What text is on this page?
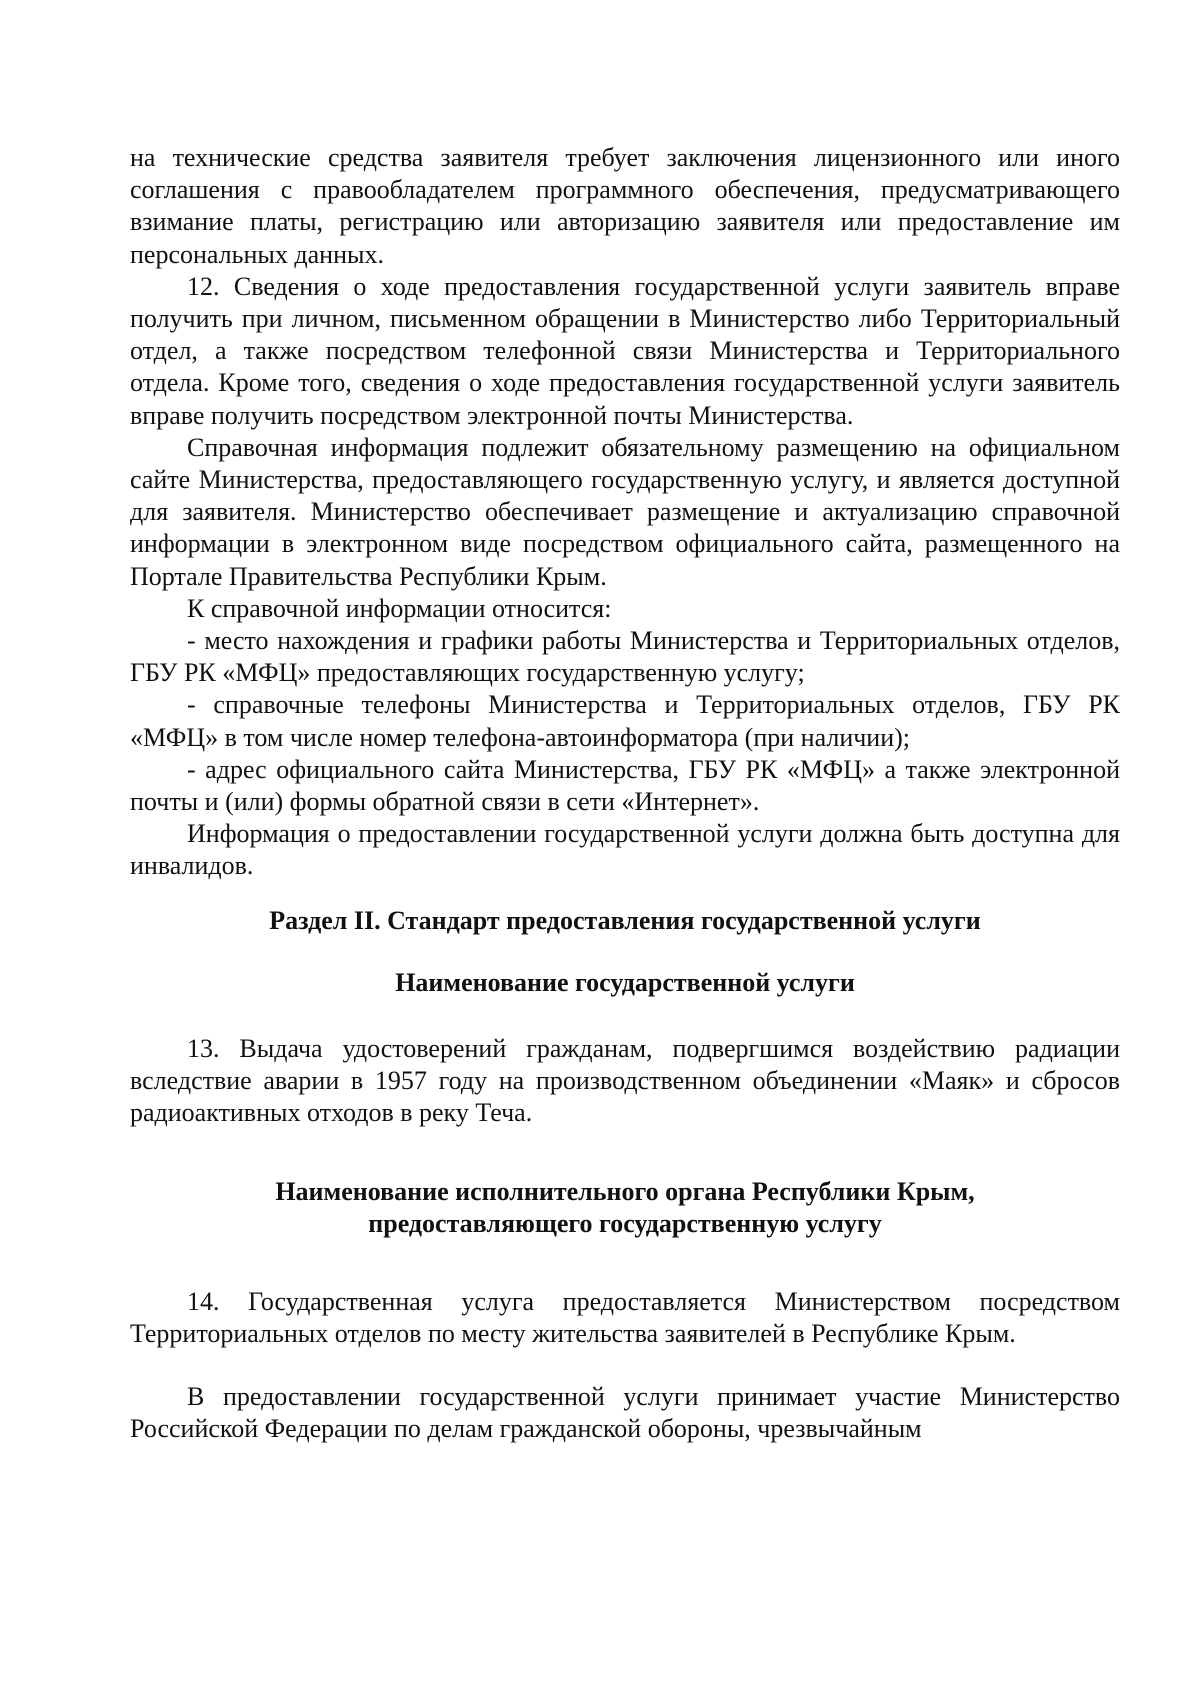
на технические средства заявителя требует заключения лицензионного или иного соглашения с правообладателем программного обеспечения, предусматривающего взимание платы, регистрацию или авторизацию заявителя или предоставление им персональных данных.

12. Сведения о ходе предоставления государственной услуги заявитель вправе получить при личном, письменном обращении в Министерство либо Территориальный отдел, а также посредством телефонной связи Министерства и Территориального отдела. Кроме того, сведения о ходе предоставления государственной услуги заявитель вправе получить посредством электронной почты Министерства.

Справочная информация подлежит обязательному размещению на официальном сайте Министерства, предоставляющего государственную услугу, и является доступной для заявителя. Министерство обеспечивает размещение и актуализацию справочной информации в электронном виде посредством официального сайта, размещенного на Портале Правительства Республики Крым.

К справочной информации относится:

- место нахождения и графики работы Министерства и Территориальных отделов, ГБУ РК «МФЦ» предоставляющих государственную услугу;

- справочные телефоны Министерства и Территориальных отделов, ГБУ РК «МФЦ» в том числе номер телефона-автоинформатора (при наличии);

- адрес официального сайта Министерства, ГБУ РК «МФЦ» а также электронной почты и (или) формы обратной связи в сети «Интернет».

Информация о предоставлении государственной услуги должна быть доступна для инвалидов.

Раздел II. Стандарт предоставления государственной услуги

Наименование государственной услуги

13. Выдача удостоверений гражданам, подвергшимся воздействию радиации вследствие аварии в 1957 году на производственном объединении «Маяк» и сбросов радиоактивных отходов в реку Теча.

Наименование исполнительного органа Республики Крым,

предоставляющего государственную услугу

14. Государственная услуга предоставляется Министерством посредством Территориальных отделов по месту жительства заявителей в Республике Крым.

В предоставлении государственной услуги принимает участие Министерство Российской Федерации по делам гражданской обороны, чрезвычайным
